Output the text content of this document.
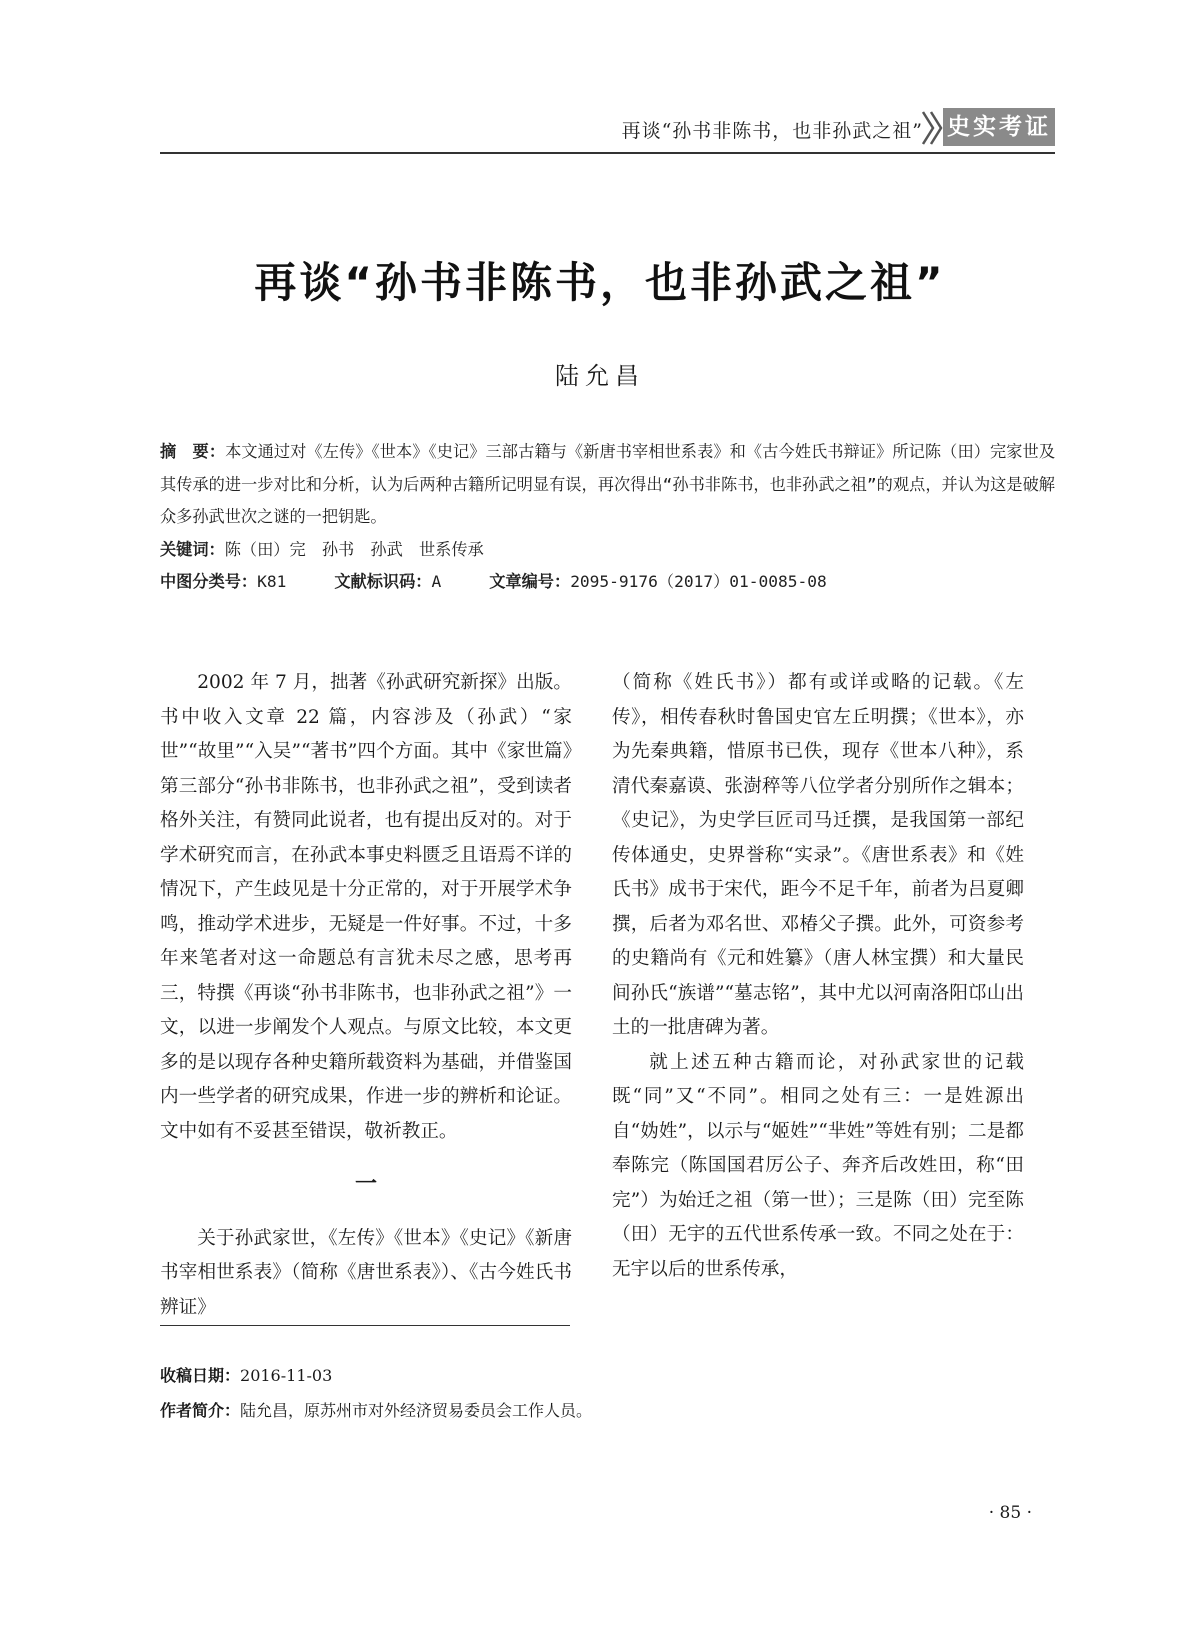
再谈“孙书非陈书，也非孙武之祖” 史实考证
再谈“孙书非陈书，也非孙武之祖”
陆允昌

摘　要：本文通过对《左传》《世本》《史记》三部古籍与《新唐书宰相世系表》和《古今姓氏书辩证》所记陈（田）完家世及其传承的进一步对比和分析，认为后两种古籍所记明显有误，再次得出“孙书非陈书，也非孙武之祖”的观点，并认为这是破解众多孙武世次之谜的一把钥匙。

关键词：陈（田）完　孙书　孙武　世系传承

中图分类号：K81	文献标识码：A	文章编号：2095-9176（2017）01-0085-08

2002 年 7 月，拙著《孙武研究新探》出版。书中收入文章 22 篇，内容涉及（孙武）“家世”“故里”“入吴”“著书”四个方面。其中《家世篇》第三部分“孙书非陈书，也非孙武之祖”，受到读者格外关注，有赞同此说者，也有提出反对的。对于学术研究而言，在孙武本事史料匮乏且语焉不详的情况下，产生歧见是十分正常的，对于开展学术争鸣，推动学术进步，无疑是一件好事。不过，十多年来笔者对这一命题总有言犹未尽之感，思考再三，特撰《再谈“孙书非陈书，也非孙武之祖”》一文，以进一步阐发个人观点。与原文比较，本文更多的是以现存各种史籍所载资料为基础，并借鉴国内一些学者的研究成果，作进一步的辨析和论证。文中如有不妥甚至错误，敬祈教正。

一

关于孙武家世，《左传》《世本》《史记》《新唐书宰相世系表》（简称《唐世系表》）、《古今姓氏书辨证》

（简称《姓氏书》）都有或详或略的记载。《左传》，相传春秋时鲁国史官左丘明撰；《世本》，亦为先秦典籍，惜原书已佚，现存《世本八种》，系清代秦嘉谟、张澍稡等八位学者分别所作之辑本；《史记》，为史学巨匠司马迁撰，是我国第一部纪传体通史，史界誉称“实录”。《唐世系表》和《姓氏书》成书于宋代，距今不足千年，前者为吕夏卿撰，后者为邓名世、邓椿父子撰。此外，可资参考的史籍尚有《元和姓纂》（唐人林宝撰）和大量民间孙氏“族谱”“墓志铭”，其中尤以河南洛阳邙山出土的一批唐碑为著。

就上述五种古籍而论，对孙武家世的记载既“同”又“不同”。相同之处有三：一是姓源出自“妫姓”，以示与“姬姓”“芈姓”等姓有别；二是都奉陈完（陈国国君厉公子、奔齐后改姓田，称“田完”）为始迁之祖（第一世）；三是陈（田）完至陈（田）无宇的五代世系传承一致。不同之处在于：无宇以后的世系传承，

收稿日期：2016-11-03

作者简介：陆允昌，原苏州市对外经济贸易委员会工作人员。

· 85 ·
